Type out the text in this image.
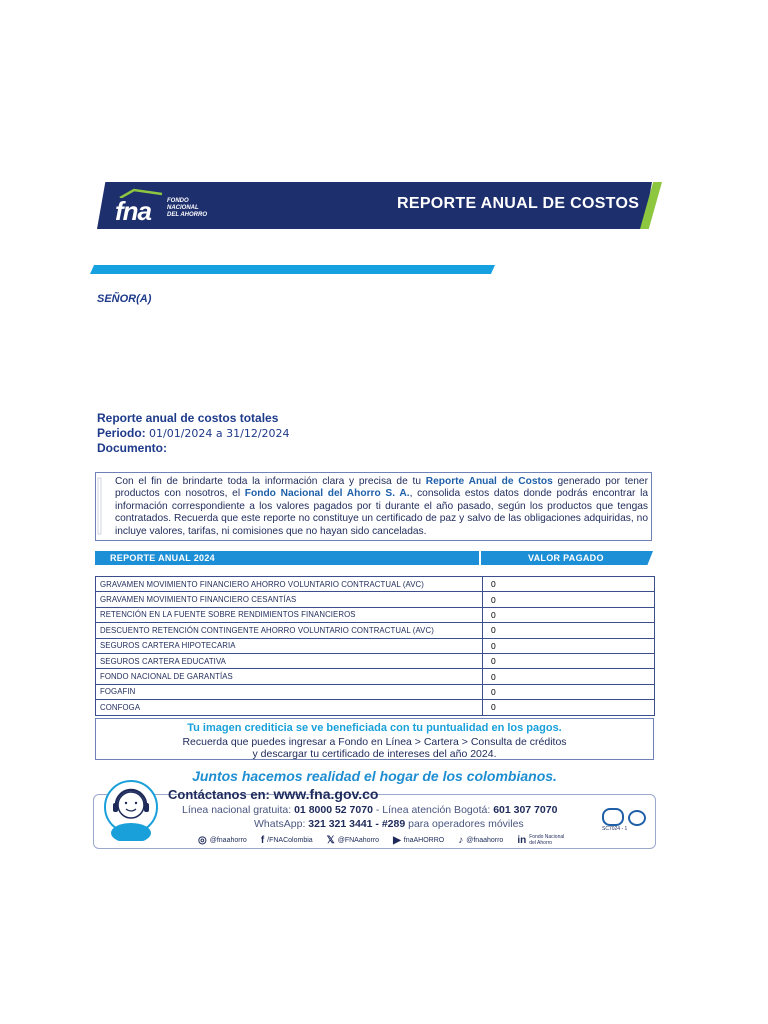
fna	FONDO
NACIONAL
DEL AHORRO
REPORTE ANUAL DE COSTOS
SEÑOR(A)
Reporte anual de costos totales
Periodo: 01/01/2024 a 31/12/2024
Documento:
Con el fin de brindarte toda la información clara y precisa de tu Reporte Anual de Costos generado por tener productos con nosotros, el Fondo Nacional del Ahorro S. A., consolida estos datos donde podrás encontrar la información correspondiente a los valores pagados por ti durante el año pasado, según los productos que tengas contratados. Recuerda que este reporte no constituye un certificado de paz y salvo de las obligaciones adquiridas, no incluye valores, tarifas, ni comisiones que no hayan sido canceladas.
REPORTE ANUAL 2024	VALOR PAGADO
GRAVAMEN MOVIMIENTO FINANCIERO AHORRO VOLUNTARIO CONTRACTUAL (AVC)	0
GRAVAMEN MOVIMIENTO FINANCIERO CESANTÍAS	0
RETENCIÓN EN LA FUENTE SOBRE RENDIMIENTOS FINANCIEROS	0
DESCUENTO RETENCIÓN CONTINGENTE AHORRO VOLUNTARIO CONTRACTUAL (AVC)	0
SEGUROS CARTERA HIPOTECARIA	0
SEGUROS CARTERA EDUCATIVA	0
FONDO NACIONAL DE GARANTÍAS	0
FOGAFIN	0
CONFOGA	0
Tu imagen crediticia se ve beneficiada con tu puntualidad en los pagos.
Recuerda que puedes ingresar a Fondo en Línea > Cartera > Consulta de créditos
y descargar tu certificado de intereses del año 2024.
Juntos hacemos realidad el hogar de los colombianos.
Contáctanos en: www.fna.gov.co
Línea nacional gratuita: 01 8000 52 7070 - Línea atención Bogotá: 601 307 7070
WhatsApp: 321 321 3441 - #289 para operadores móviles
◎ @fnaahorro f /FNAColombia 𝕏 @FNAahorro ▶ fnaAHORRO ♪ @fnaahorro in Fondo Nacional del Ahorro
SC7024 - 1
